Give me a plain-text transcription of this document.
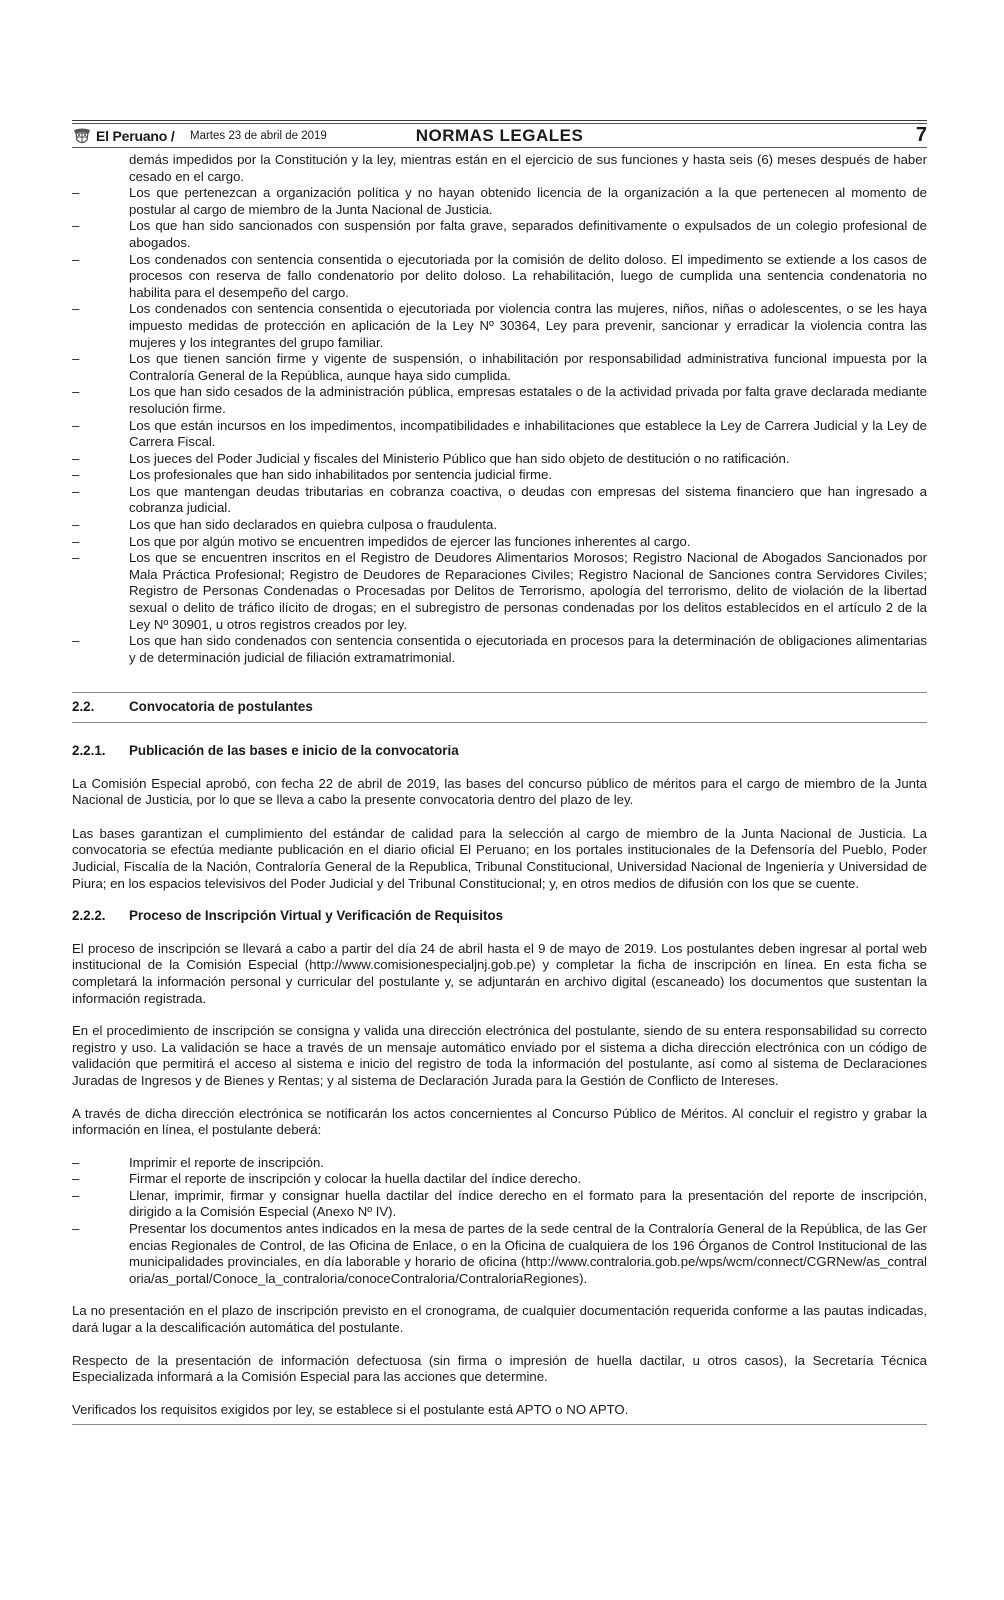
El Peruano / Martes 23 de abril de 2019	NORMAS LEGALES	7
demás impedidos por la Constitución y la ley, mientras están en el ejercicio de sus funciones y hasta seis (6) meses después de haber cesado en el cargo.
–	Los que pertenezcan a organización política y no hayan obtenido licencia de la organización a la que pertenecen al momento de postular al cargo de miembro de la Junta Nacional de Justicia.
–	Los que han sido sancionados con suspensión por falta grave, separados definitivamente o expulsados de un colegio profesional de abogados.
–	Los condenados con sentencia consentida o ejecutoriada por la comisión de delito doloso. El impedimento se extiende a los casos de procesos con reserva de fallo condenatorio por delito doloso. La rehabilitación, luego de cumplida una sentencia condenatoria no habilita para el desempeño del cargo.
–	Los condenados con sentencia consentida o ejecutoriada por violencia contra las mujeres, niños, niñas o adolescentes, o se les haya impuesto medidas de protección en aplicación de la Ley Nº 30364, Ley para prevenir, sancionar y erradicar la violencia contra las mujeres y los integrantes del grupo familiar.
–	Los que tienen sanción firme y vigente de suspensión, o inhabilitación por responsabilidad administrativa funcional impuesta por la Contraloría General de la República, aunque haya sido cumplida.
–	Los que han sido cesados de la administración pública, empresas estatales o de la actividad privada por falta grave declarada mediante resolución firme.
–	Los que están incursos en los impedimentos, incompatibilidades e inhabilitaciones que establece la Ley de Carrera Judicial y la Ley de Carrera Fiscal.
–	Los jueces del Poder Judicial y fiscales del Ministerio Público que han sido objeto de destitución o no ratificación.
–	Los profesionales que han sido inhabilitados por sentencia judicial firme.
–	Los que mantengan deudas tributarias en cobranza coactiva, o deudas con empresas del sistema financiero que han ingresado a cobranza judicial.
–	Los que han sido declarados en quiebra culposa o fraudulenta.
–	Los que por algún motivo se encuentren impedidos de ejercer las funciones inherentes al cargo.
–	Los que se encuentren inscritos en el Registro de Deudores Alimentarios Morosos; Registro Nacional de Abogados Sancionados por Mala Práctica Profesional; Registro de Deudores de Reparaciones Civiles; Registro Nacional de Sanciones contra Servidores Civiles; Registro de Personas Condenadas o Procesadas por Delitos de Terrorismo, apología del terrorismo, delito de violación de la libertad sexual o delito de tráfico ilícito de drogas; en el subregistro de personas condenadas por los delitos establecidos en el artículo 2 de la Ley Nº 30901, u otros registros creados por ley.
–	Los que han sido condenados con sentencia consentida o ejecutoriada en procesos para la determinación de obligaciones alimentarias y de determinación judicial de filiación extramatrimonial.
2.2.	Convocatoria de postulantes
2.2.1. Publicación de las bases e inicio de la convocatoria

La Comisión Especial aprobó, con fecha 22 de abril de 2019, las bases del concurso público de méritos para el cargo de miembro de la Junta Nacional de Justicia, por lo que se lleva a cabo la presente convocatoria dentro del plazo de ley.

Las bases garantizan el cumplimiento del estándar de calidad para la selección al cargo de miembro de la Junta Nacional de Justicia. La convocatoria se efectúa mediante publicación en el diario oficial El Peruano; en los portales institucionales de la Defensoría del Pueblo, Poder Judicial, Fiscalía de la Nación, Contraloría General de la Republica, Tribunal Constitucional, Universidad Nacional de Ingeniería y Universidad de Piura; en los espacios televisivos del Poder Judicial y del Tribunal Constitucional; y, en otros medios de difusión con los que se cuente.

2.2.2. Proceso de Inscripción Virtual y Verificación de Requisitos

El proceso de inscripción se llevará a cabo a partir del día 24 de abril hasta el 9 de mayo de 2019. Los postulantes deben ingresar al portal web institucional de la Comisión Especial (http://www.comisionespecialjnj.gob.pe) y completar la ficha de inscripción en línea. En esta ficha se completará la información personal y curricular del postulante y, se adjuntarán en archivo digital (escaneado) los documentos que sustentan la información registrada.

En el procedimiento de inscripción se consigna y valida una dirección electrónica del postulante, siendo de su entera responsabilidad su correcto registro y uso. La validación se hace a través de un mensaje automático enviado por el sistema a dicha dirección electrónica con un código de validación que permitirá el acceso al sistema e inicio del registro de toda la información del postulante, así como al sistema de Declaraciones Juradas de Ingresos y de Bienes y Rentas; y al sistema de Declaración Jurada para la Gestión de Conflicto de Intereses.

A través de dicha dirección electrónica se notificarán los actos concernientes al Concurso Público de Méritos. Al concluir el registro y grabar la información en línea, el postulante deberá:

–	Imprimir el reporte de inscripción.
–	Firmar el reporte de inscripción y colocar la huella dactilar del índice derecho.
–	Llenar, imprimir, firmar y consignar huella dactilar del índice derecho en el formato para la presentación del reporte de inscripción, dirigido a la Comisión Especial (Anexo Nº IV).
–	Presentar los documentos antes indicados en la mesa de partes de la sede central de la Contraloría General de la República, de las Gerencias Regionales de Control, de las Oficina de Enlace, o en la Oficina de cualquiera de los 196 Órganos de Control Institucional de las municipalidades provinciales, en día laborable y horario de oficina (http://www.contraloria.gob.pe/wps/wcm/connect/CGRNew/as_contraloria/as_portal/Conoce_la_contraloria/conoceContraloria/ContraloriaRegiones).

La no presentación en el plazo de inscripción previsto en el cronograma, de cualquier documentación requerida conforme a las pautas indicadas, dará lugar a la descalificación automática del postulante.

Respecto de la presentación de información defectuosa (sin firma o impresión de huella dactilar, u otros casos), la Secretaría Técnica Especializada informará a la Comisión Especial para las acciones que determine.

Verificados los requisitos exigidos por ley, se establece si el postulante está APTO o NO APTO.
